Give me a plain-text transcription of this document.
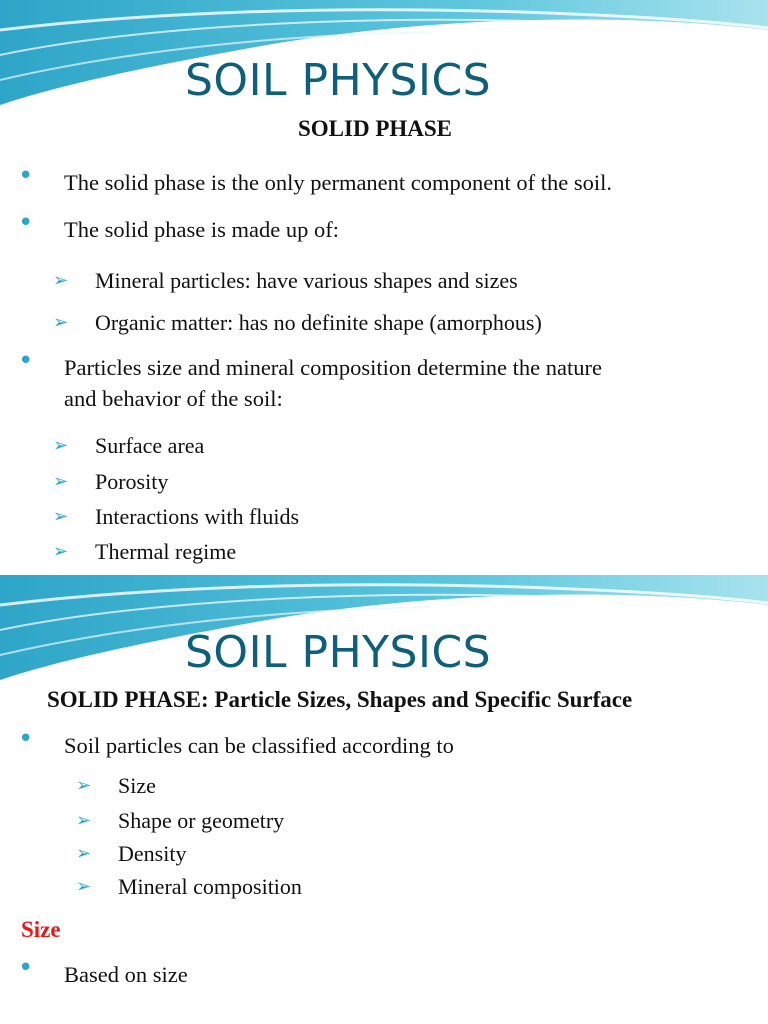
SOIL PHYSICS
SOLID PHASE
• The solid phase is the only permanent component of the soil.
• The solid phase is made up of:
➢ Mineral particles: have various shapes and sizes
➢ Organic matter: has no definite shape (amorphous)
• Particles size and mineral composition determine the nature
and behavior of the soil:
➢ Surface area
➢ Porosity
➢ Interactions with fluids
➢ Thermal regime
SOIL PHYSICS
SOLID PHASE: Particle Sizes, Shapes and Specific Surface
• Soil particles can be classified according to
➢ Size
➢ Shape or geometry
➢ Density
➢ Mineral composition
Size
• Based on size
